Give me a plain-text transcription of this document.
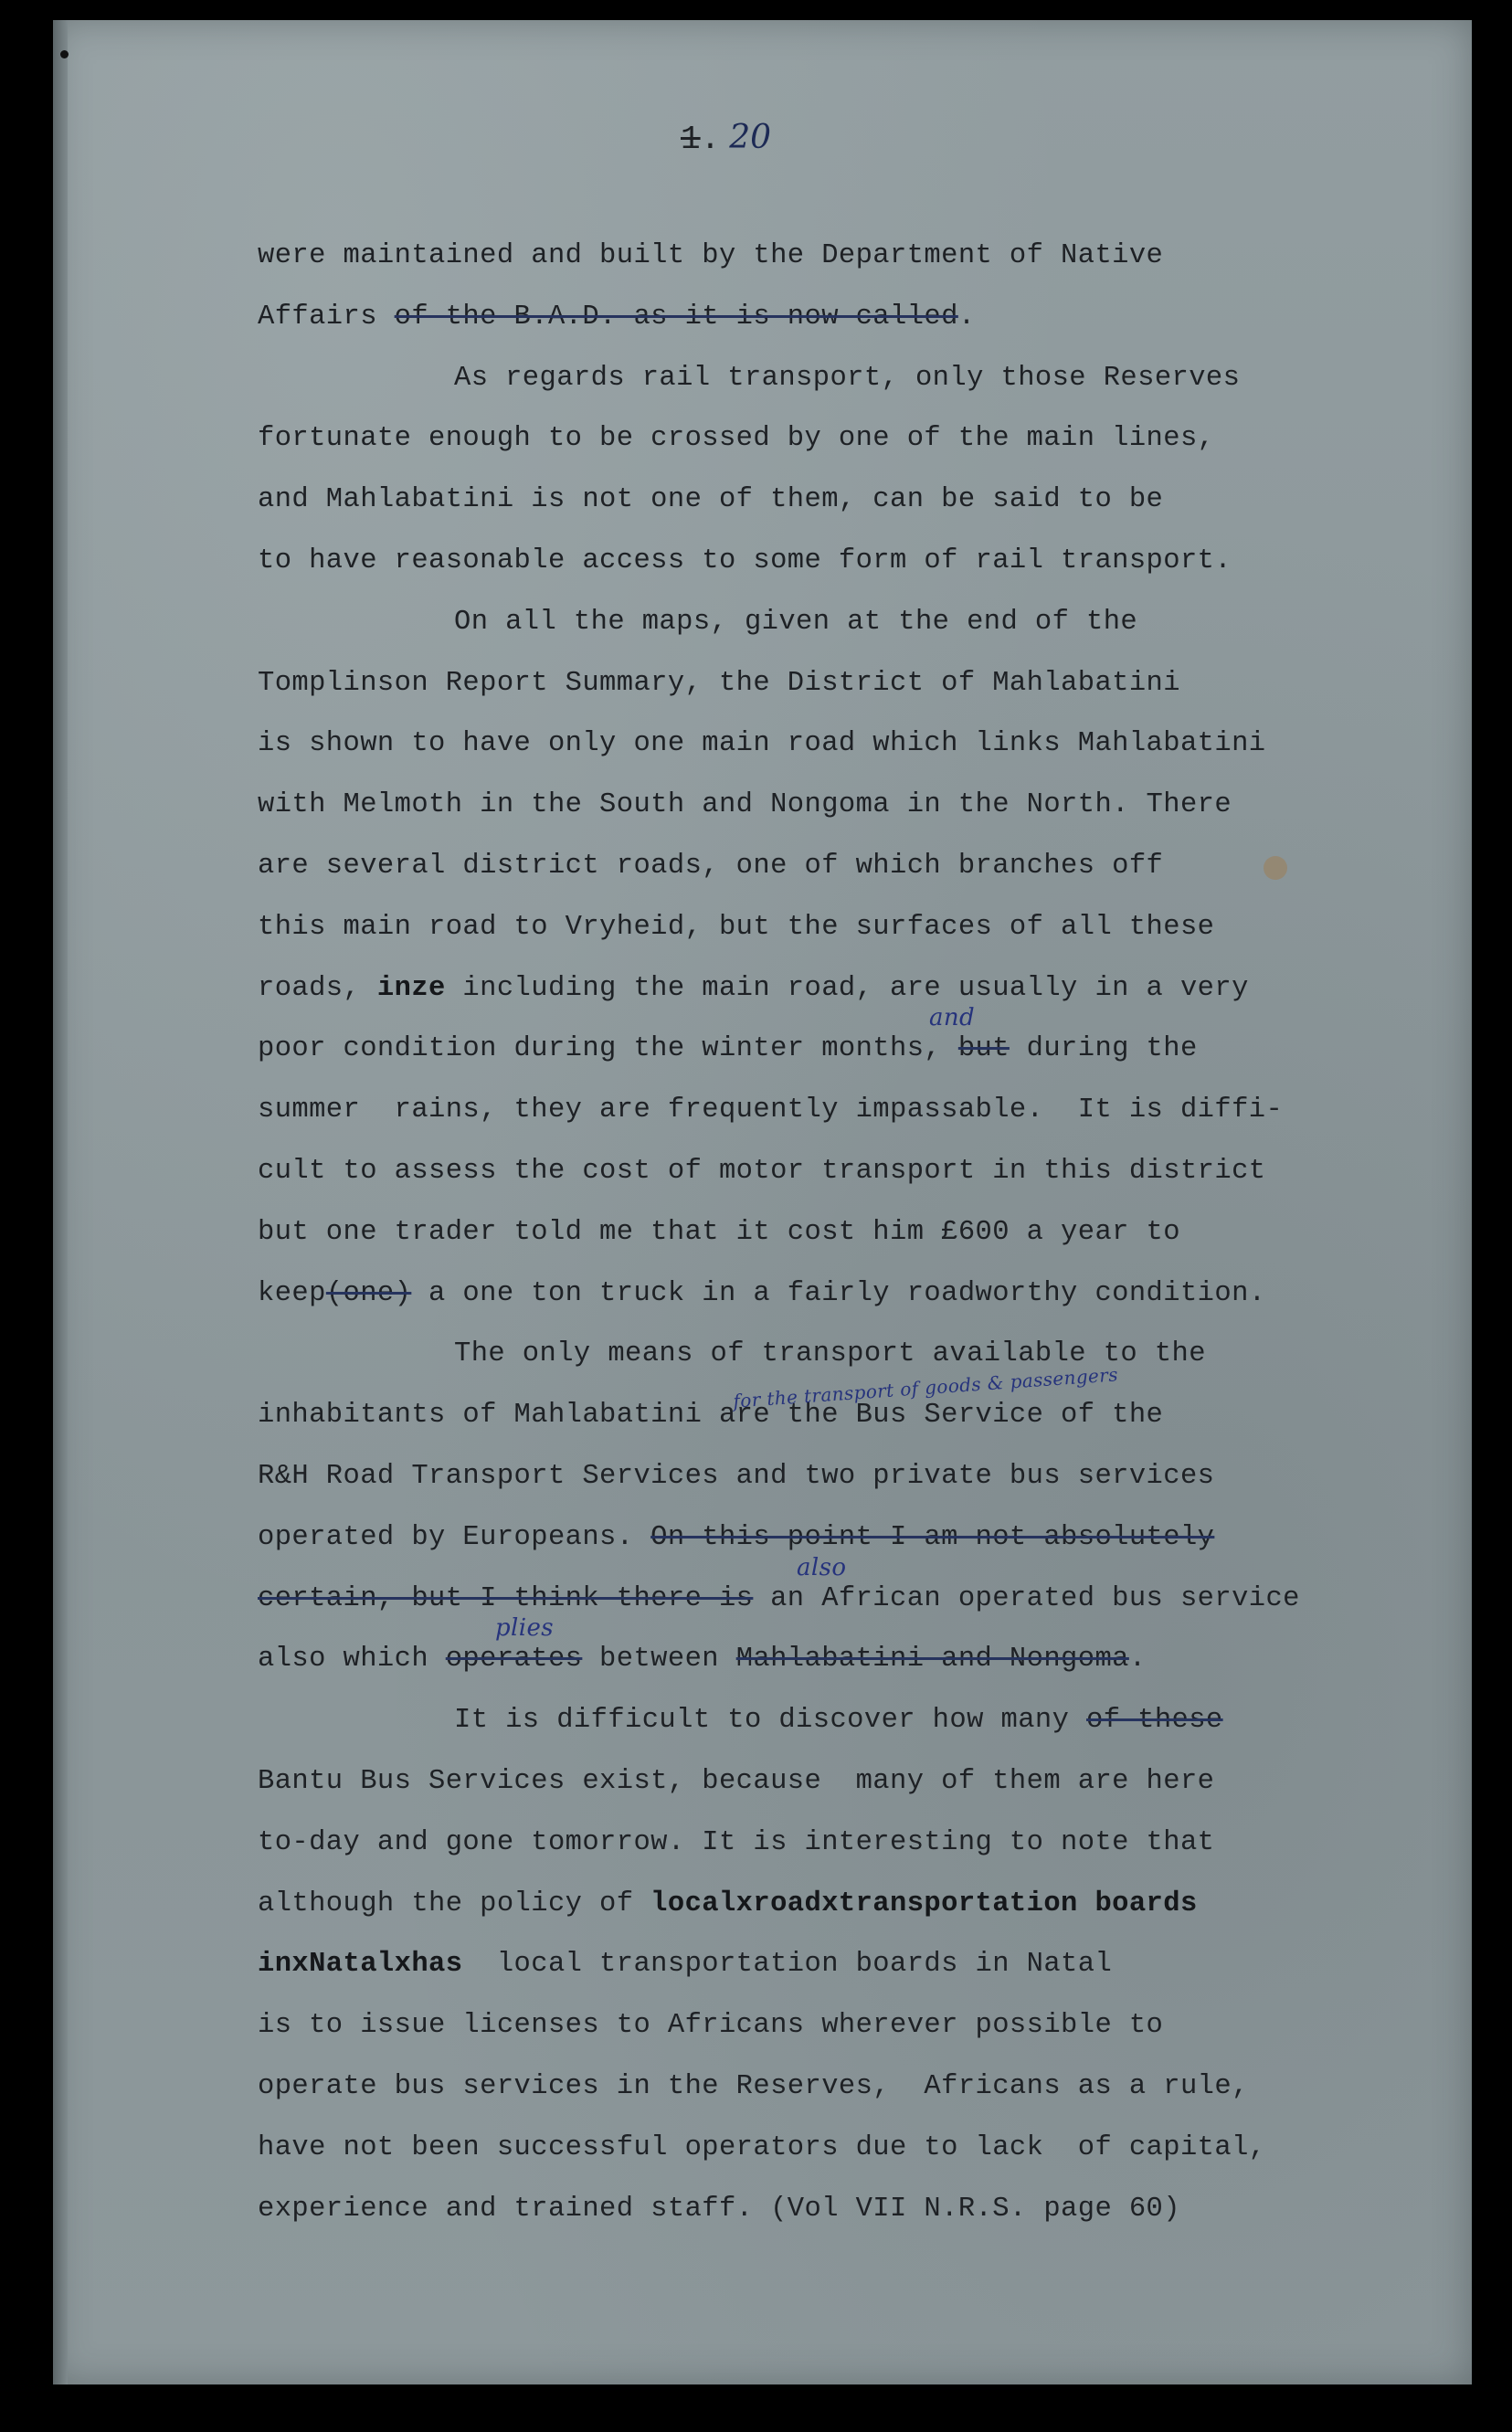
1. 20
were maintained and built by the Department of Native
Affairs of the B.A.D. as it is now called.
As regards rail transport, only those Reserves
fortunate enough to be crossed by one of the main lines,
and Mahlabatini is not one of them, can be said to be
to have reasonable access to some form of rail transport.
On all the maps, given at the end of the
Tomplinson Report Summary, the District of Mahlabatini
is shown to have only one main road which links Mahlabatini
with Melmoth in the South and Nongoma in the North. There
are several district roads, one of which branches off
this main road to Vryheid, but the surfaces of all these
roads, inze including the main road, are usually in a very
poor condition during the winter months, but during the
and
summer  rains, they are frequently impassable.  It is diffi-
cult to assess the cost of motor transport in this district
but one trader told me that it cost him £600 a year to
keep(one) a one ton truck in a fairly roadworthy condition.
The only means of transport available to the
inhabitants of Mahlabatini are the Bus Service of the
for the transport of goods & passengers
R&H Road Transport Services and two private bus services
operated by Europeans. On this point I am not absolutely
certain, but I think there is an African operated bus service
also
also which operates between Mahlabatini and Nongoma.
plies
It is difficult to discover how many of these
Bantu Bus Services exist, because  many of them are here
to-day and gone tomorrow. It is interesting to note that
although the policy of localxroadxtransportation boards
inxNatalxhas  local transportation boards in Natal
is to issue licenses to Africans wherever possible to
operate bus services in the Reserves,  Africans as a rule,
have not been successful operators due to lack  of capital,
experience and trained staff. (Vol VII N.R.S. page 60)
